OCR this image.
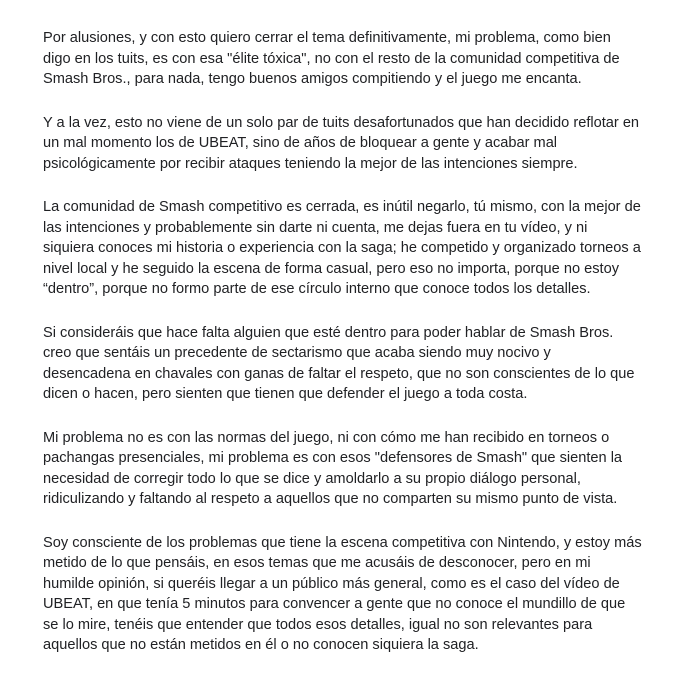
Por alusiones, y con esto quiero cerrar el tema definitivamente, mi problema, como bien
digo en los tuits, es con esa "élite tóxica", no con el resto de la comunidad competitiva de
Smash Bros., para nada, tengo buenos amigos compitiendo y el juego me encanta.

Y a la vez, esto no viene de un solo par de tuits desafortunados que han decidido reflotar en
un mal momento los de UBEAT, sino de años de bloquear a gente y acabar mal
psicológicamente por recibir ataques teniendo la mejor de las intenciones siempre.

La comunidad de Smash competitivo es cerrada, es inútil negarlo, tú mismo, con la mejor de
las intenciones y probablemente sin darte ni cuenta, me dejas fuera en tu vídeo, y ni
siquiera conoces mi historia o experiencia con la saga; he competido y organizado torneos a
nivel local y he seguido la escena de forma casual, pero eso no importa, porque no estoy
“dentro”, porque no formo parte de ese círculo interno que conoce todos los detalles.

Si consideráis que hace falta alguien que esté dentro para poder hablar de Smash Bros.
creo que sentáis un precedente de sectarismo que acaba siendo muy nocivo y
desencadena en chavales con ganas de faltar el respeto, que no son conscientes de lo que
dicen o hacen, pero sienten que tienen que defender el juego a toda costa.

Mi problema no es con las normas del juego, ni con cómo me han recibido en torneos o
pachangas presenciales, mi problema es con esos "defensores de Smash" que sienten la
necesidad de corregir todo lo que se dice y amoldarlo a su propio diálogo personal,
ridiculizando y faltando al respeto a aquellos que no comparten su mismo punto de vista.

Soy consciente de los problemas que tiene la escena competitiva con Nintendo, y estoy más
metido de lo que pensáis, en esos temas que me acusáis de desconocer, pero en mi
humilde opinión, si queréis llegar a un público más general, como es el caso del vídeo de
UBEAT, en que tenía 5 minutos para convencer a gente que no conoce el mundillo de que
se lo mire, tenéis que entender que todos esos detalles, igual no son relevantes para
aquellos que no están metidos en él o no conocen siquiera la saga.
